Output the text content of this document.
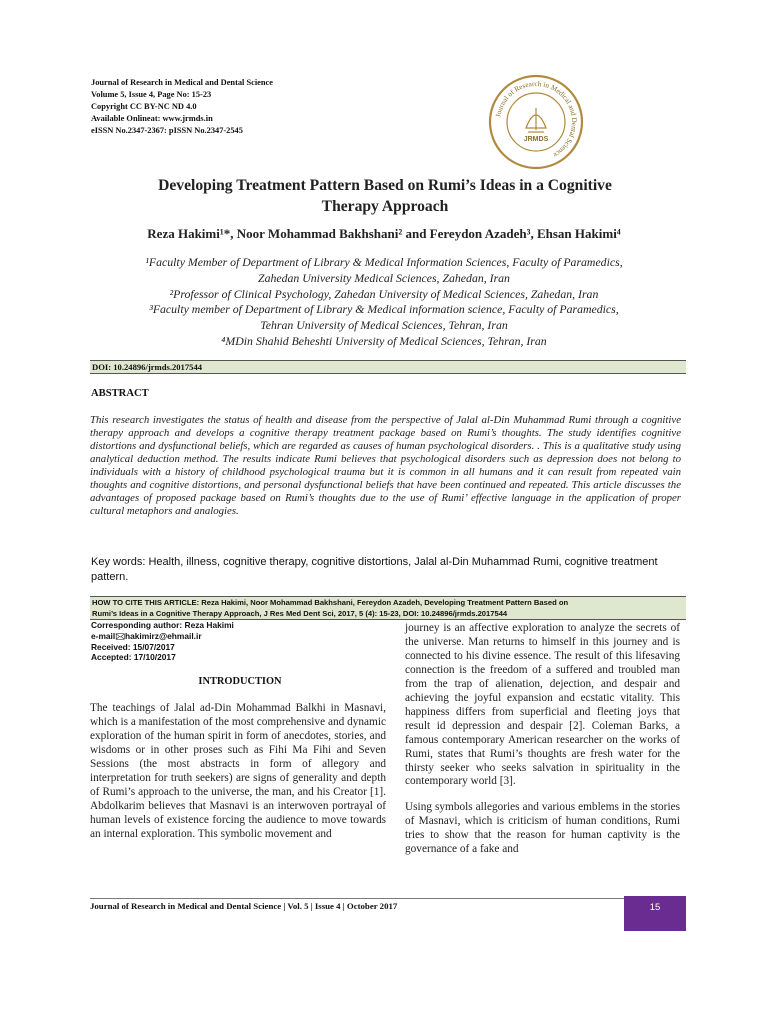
Journal of Research in Medical and Dental Science
Volume 5, Issue 4, Page No: 15-23
Copyright CC BY-NC ND 4.0
Available Onlineat: www.jrmds.in
eISSN No.2347-2367: pISSN No.2347-2545
Journal of Research in Medical and Dental Science
JRMDS
Developing Treatment Pattern Based on Rumi’s Ideas in a Cognitive
Therapy Approach
Reza Hakimi¹*, Noor Mohammad Bakhshani² and Fereydon Azadeh³, Ehsan Hakimi⁴
¹Faculty Member of Department of Library & Medical Information Sciences, Faculty of Paramedics,
Zahedan University Medical Sciences, Zahedan, Iran
²Professor of Clinical Psychology, Zahedan University of Medical Sciences, Zahedan, Iran
³Faculty member of Department of Library & Medical information science, Faculty of Paramedics,
Tehran University of Medical Sciences, Tehran, Iran
⁴MDin Shahid Beheshti University of Medical Sciences, Tehran, Iran
DOI: 10.24896/jrmds.2017544
ABSTRACT
This research investigates the status of health and disease from the perspective of Jalal al-Din Muhammad Rumi through a cognitive therapy approach and develops a cognitive therapy treatment package based on Rumi’s thoughts. The study identifies cognitive distortions and dysfunctional beliefs, which are regarded as causes of human psychological disorders. . This is a qualitative study using analytical deduction method. The results indicate Rumi believes that psychological disorders such as depression does not belong to individuals with a history of childhood psychological trauma but it is common in all humans and it can result from repeated vain thoughts and cognitive distortions, and personal dysfunctional beliefs that have been continued and repeated. This article discusses the advantages of proposed package based on Rumi’s thoughts due to the use of Rumi’ effective language in the application of proper cultural metaphors and analogies.
Key words: Health, illness, cognitive therapy, cognitive distortions, Jalal al-Din Muhammad Rumi, cognitive treatment pattern.
HOW TO CITE THIS ARTICLE: Reza Hakimi, Noor Mohammad Bakhshani, Fereydon Azadeh, Developing Treatment Pattern Based on
Rumi’s Ideas in a Cognitive Therapy Approach, J Res Med Dent Sci, 2017, 5 (4): 15-23, DOI: 10.24896/jrmds.2017544
Corresponding author: Reza Hakimi
e-mail🖂hakimirz@ehmail.ir
Received: 15/07/2017
Accepted: 17/10/2017
INTRODUCTION

The teachings of Jalal ad-Din Mohammad Balkhi in Masnavi, which is a manifestation of the most comprehensive and dynamic exploration of the human spirit in form of anecdotes, stories, and wisdoms or in other proses such as Fihi Ma Fihi and Seven Sessions (the most abstracts in form of allegory and interpretation for truth seekers) are signs of generality and depth of Rumi’s approach to the universe, the man, and his Creator [1]. Abdolkarim believes that Masnavi is an interwoven portrayal of human levels of existence forcing the audience to move towards an internal exploration. This symbolic movement and

journey is an affective exploration to analyze the secrets of the universe. Man returns to himself in this journey and is connected to his divine essence. The result of this lifesaving connection is the freedom of a suffered and troubled man from the trap of alienation, dejection, and despair and achieving the joyful expansion and ecstatic vitality. This happiness differs from superficial and fleeting joys that result id depression and despair [2]. Coleman Barks, a famous contemporary American researcher on the works of Rumi, states that Rumi’s thoughts are fresh water for the thirsty seeker who seeks salvation in spirituality in the contemporary world [3].

Using symbols allegories and various emblems in the stories of Masnavi, which is criticism of human conditions, Rumi tries to show that the reason for human captivity is the governance of a fake and

Journal of Research in Medical and Dental Science | Vol. 5 | Issue 4 | October 2017	15
